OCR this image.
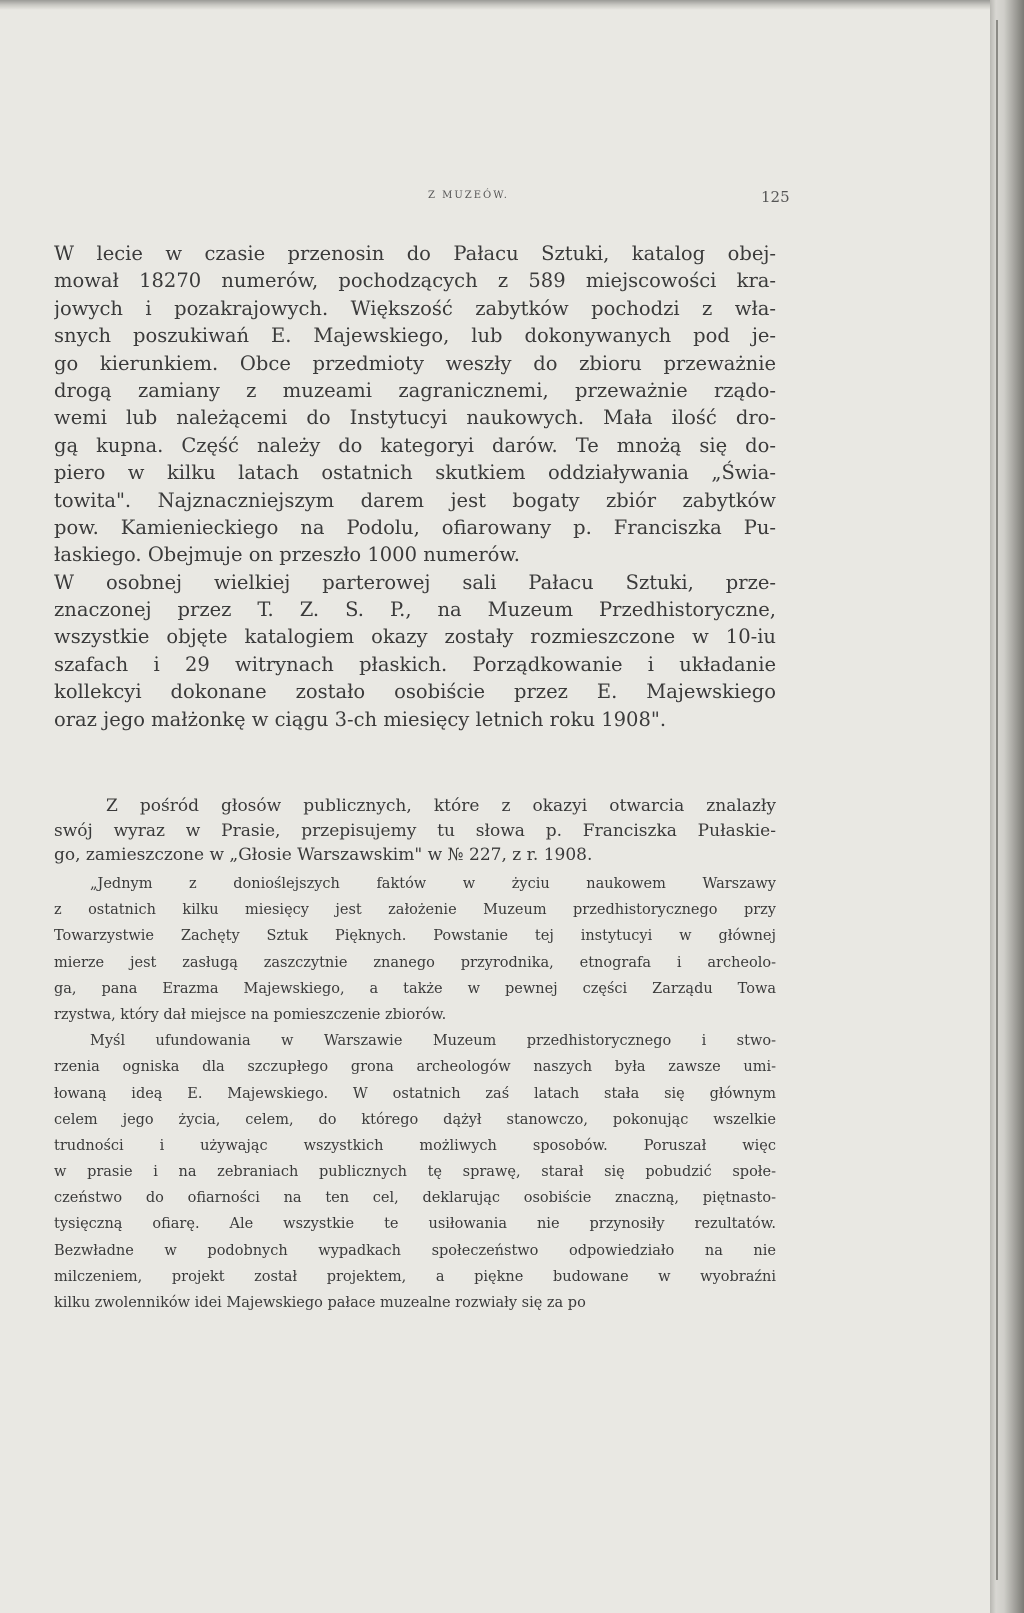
Z MUZEÓW.	125
W lecie w czasie przenosin do Pałacu Sztuki, katalog obej-
mował 18270 numerów, pochodzących z 589 miejscowości kra-
jowych i pozakrajowych. Większość zabytków pochodzi z wła-
snych poszukiwań E. Majewskiego, lub dokonywanych pod je-
go kierunkiem. Obce przedmioty weszły do zbioru przeważnie
drogą zamiany z muzeami zagranicznemi, przeważnie rządo-
wemi lub należącemi do Instytucyi naukowych. Mała ilość dro-
gą kupna. Część należy do kategoryi darów. Te mnożą się do-
piero w kilku latach ostatnich skutkiem oddziaływania „Świa-
towita". Najznaczniejszym darem jest bogaty zbiór zabytków
pow. Kamienieckiego na Podolu, ofiarowany p. Franciszka Pu-
łaskiego. Obejmuje on przeszło 1000 numerów.
W osobnej wielkiej parterowej sali Pałacu Sztuki, prze-
znaczonej przez T. Z. S. P., na Muzeum Przedhistoryczne,
wszystkie objęte katalogiem okazy zostały rozmieszczone w 10-iu
szafach i 29 witrynach płaskich. Porządkowanie i układanie
kollekcyi dokonane zostało osobiście przez E. Majewskiego
oraz jego małżonkę w ciągu 3-ch miesięcy letnich roku 1908".
Z pośród głosów publicznych, które z okazyi otwarcia znalazły
swój wyraz w Prasie, przepisujemy tu słowa p. Franciszka Pułaskie-
go, zamieszczone w „Głosie Warszawskim" w № 227, z r. 1908.
„Jednym z donioślejszych faktów w życiu naukowem Warszawy
z ostatnich kilku miesięcy jest założenie Muzeum przedhistorycznego przy
Towarzystwie Zachęty Sztuk Pięknych. Powstanie tej instytucyi w głównej
mierze jest zasługą zaszczytnie znanego przyrodnika, etnografa i archeolo-
ga, pana Erazma Majewskiego, a także w pewnej części Zarządu Towa
rzystwa, który dał miejsce na pomieszczenie zbiorów.
Myśl ufundowania w Warszawie Muzeum przedhistorycznego i stwo-
rzenia ogniska dla szczupłego grona archeologów naszych była zawsze umi-
łowaną ideą E. Majewskiego. W ostatnich zaś latach stała się głównym
celem jego życia, celem, do którego dążył stanowczo, pokonując wszelkie
trudności i używając wszystkich możliwych sposobów. Poruszał więc
w prasie i na zebraniach publicznych tę sprawę, starał się pobudzić społe-
czeństwo do ofiarności na ten cel, deklarując osobiście znaczną, piętnasto-
tysięczną ofiarę. Ale wszystkie te usiłowania nie przynosiły rezultatów.
Bezwładne w podobnych wypadkach społeczeństwo odpowiedziało na nie
milczeniem, projekt został projektem, a piękne budowane w wyobraźni
kilku zwolenników idei Majewskiego pałace muzealne rozwiały się za po
